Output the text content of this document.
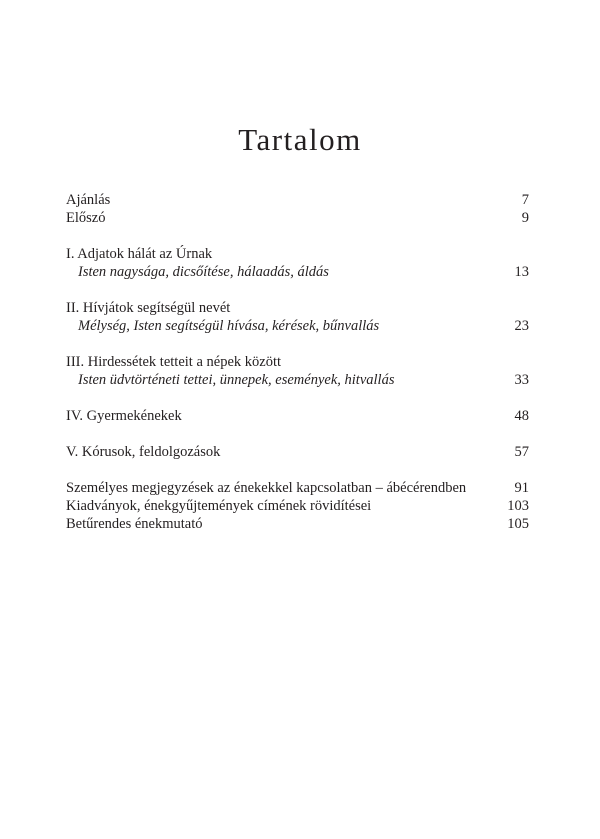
Tartalom
Ajánlás	7
Előszó	9
I. Adjatok hálát az Úrnak
Isten nagysága, dicsőítése, hálaadás, áldás	13
II. Hívjátok segítségül nevét
Mélység, Isten segítségül hívása, kérések, bűnvallás	23
III. Hirdessétek tetteit a népek között
Isten üdvtörténeti tettei, ünnepek, események, hitvallás	33
IV. Gyermekénekek	48
V. Kórusok, feldolgozások	57
Személyes megjegyzések az énekekkel kapcsolatban – ábécérendben	91
Kiadványok, énekgyűjtemények címének rövidítései	103
Betűrendes énekmutató	105
